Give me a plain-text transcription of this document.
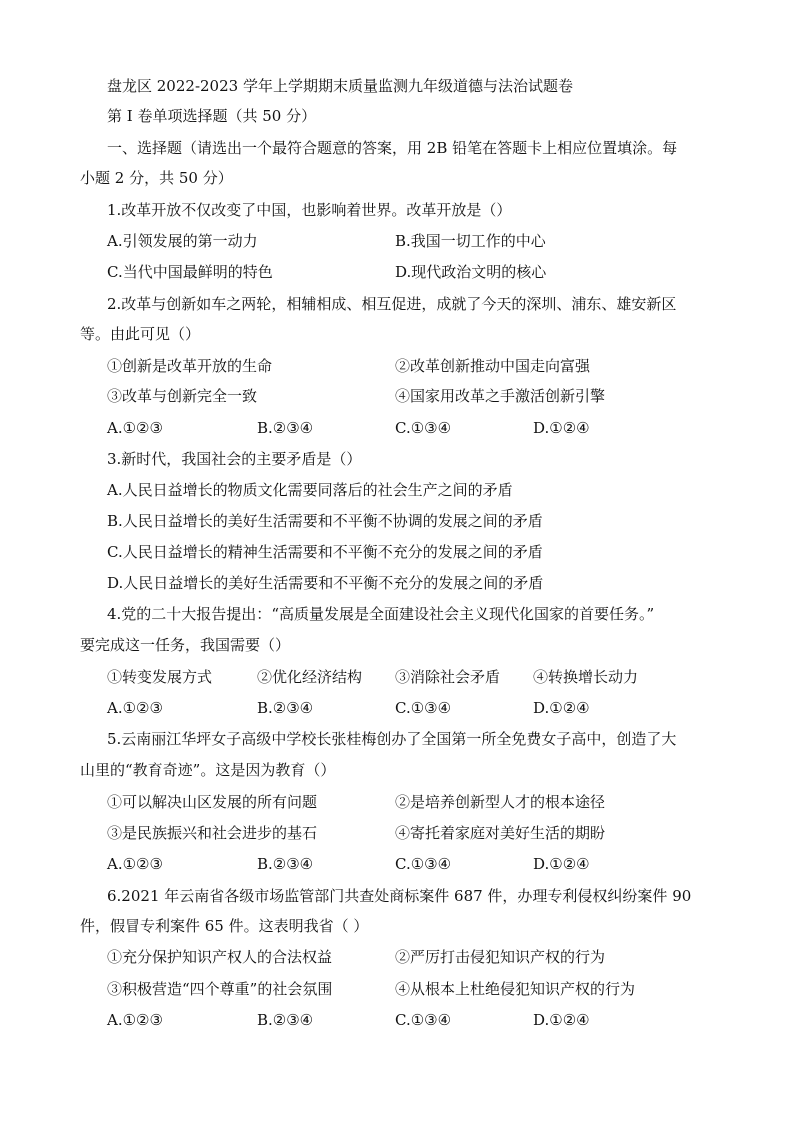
盘龙区 2022-2023 学年上学期期末质量监测九年级道德与法治试题卷
第 I 卷单项选择题（共 50 分）
一、选择题（请选出一个最符合题意的答案，用 2B 铅笔在答题卡上相应位置填涂。每
小题 2 分，共 50 分）
1.改革开放不仅改变了中国，也影响着世界。改革开放是（）
A.引领发展的第一动力	B.我国一切工作的中心
C.当代中国最鲜明的特色	D.现代政治文明的核心
2.改革与创新如车之两轮，相辅相成、相互促进，成就了今天的深圳、浦东、雄安新区
等。由此可见（）
①创新是改革开放的生命	②改革创新推动中国走向富强
③改革与创新完全一致	④国家用改革之手激活创新引擎
A.①②③	B.②③④	C.①③④	D.①②④
3.新时代，我国社会的主要矛盾是（）
A.人民日益增长的物质文化需要同落后的社会生产之间的矛盾
B.人民日益增长的美好生活需要和不平衡不协调的发展之间的矛盾
C.人民日益增长的精神生活需要和不平衡不充分的发展之间的矛盾
D.人民日益增长的美好生活需要和不平衡不充分的发展之间的矛盾
4.党的二十大报告提出：“高质量发展是全面建设社会主义现代化国家的首要任务。”
要完成这一任务，我国需要（）
①转变发展方式	②优化经济结构 ③消除社会矛盾 ④转换增长动力
A.①②③	B.②③④	C.①③④	D.①②④
5.云南丽江华坪女子高级中学校长张桂梅创办了全国第一所全免费女子高中，创造了大
山里的“教育奇迹”。这是因为教育（）
①可以解决山区发展的所有问题	②是培养创新型人才的根本途径
③是民族振兴和社会进步的基石	④寄托着家庭对美好生活的期盼
A.①②③	B.②③④	C.①③④	D.①②④
6.2021 年云南省各级市场监管部门共查处商标案件 687 件，办理专利侵权纠纷案件 90
件，假冒专利案件 65 件。这表明我省（ ）
①充分保护知识产权人的合法权益	②严厉打击侵犯知识产权的行为
③积极营造“四个尊重”的社会氛围	④从根本上杜绝侵犯知识产权的行为
A.①②③	B.②③④	C.①③④	D.①②④
